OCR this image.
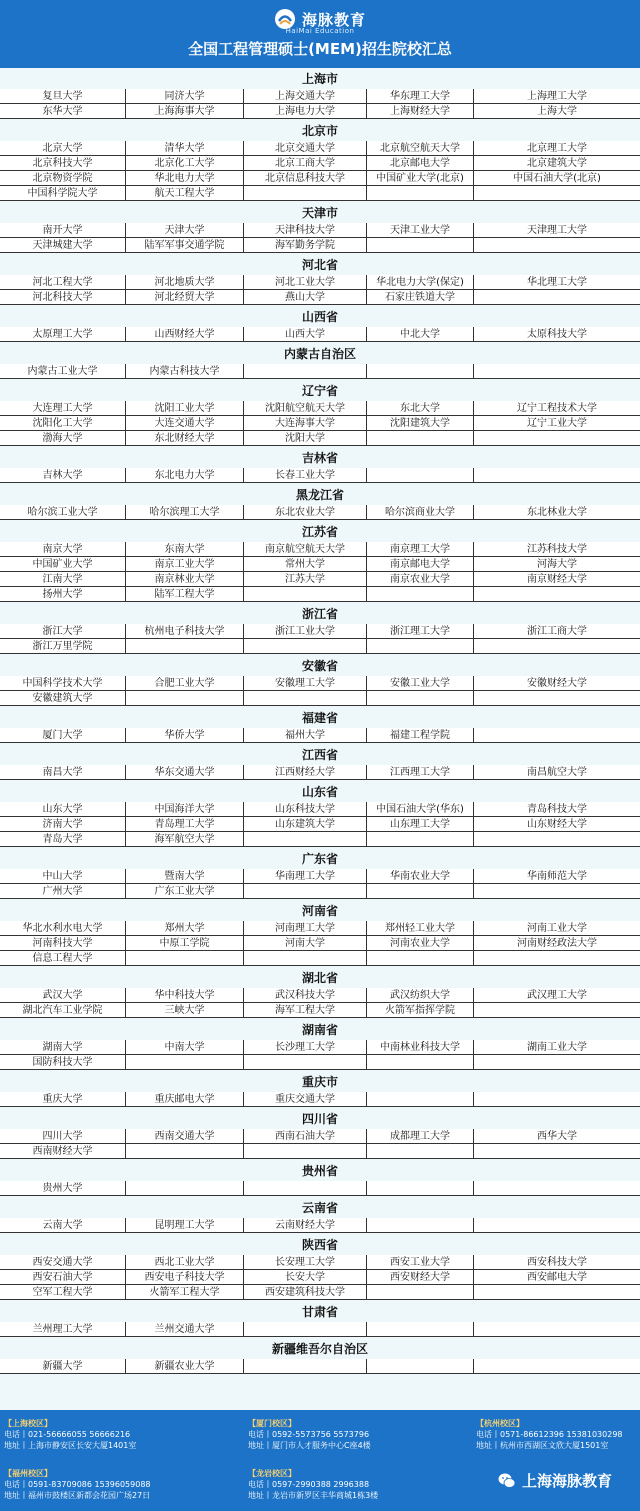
海脉教育
HaiMai Education
全国工程管理硕士(MEM)招生院校汇总
上海市
复旦大学	同济大学	上海交通大学	华东理工大学	上海理工大学
东华大学	上海海事大学	上海电力大学	上海财经大学	上海大学
北京市
北京大学	清华大学	北京交通大学	北京航空航天大学	北京理工大学
北京科技大学	北京化工大学	北京工商大学	北京邮电大学	北京建筑大学
北京物资学院	华北电力大学	北京信息科技大学	中国矿业大学(北京)	中国石油大学(北京)
中国科学院大学	航天工程大学
天津市
南开大学	天津大学	天津科技大学	天津工业大学	天津理工大学
天津城建大学	陆军军事交通学院	海军勤务学院
河北省
河北工程大学	河北地质大学	河北工业大学	华北电力大学(保定)	华北理工大学
河北科技大学	河北经贸大学	燕山大学	石家庄铁道大学
山西省
太原理工大学	山西财经大学	山西大学	中北大学	太原科技大学
内蒙古自治区
内蒙古工业大学	内蒙古科技大学
辽宁省
大连理工大学	沈阳工业大学	沈阳航空航天大学	东北大学	辽宁工程技术大学
沈阳化工大学	大连交通大学	大连海事大学	沈阳建筑大学	辽宁工业大学
渤海大学	东北财经大学	沈阳大学
吉林省
吉林大学	东北电力大学	长春工业大学
黑龙江省
哈尔滨工业大学	哈尔滨理工大学	东北农业大学	哈尔滨商业大学	东北林业大学
江苏省
南京大学	东南大学	南京航空航天大学	南京理工大学	江苏科技大学
中国矿业大学	南京工业大学	常州大学	南京邮电大学	河海大学
江南大学	南京林业大学	江苏大学	南京农业大学	南京财经大学
扬州大学	陆军工程大学
浙江省
浙江大学	杭州电子科技大学	浙江工业大学	浙江理工大学	浙江工商大学
浙江万里学院
安徽省
中国科学技术大学	合肥工业大学	安徽理工大学	安徽工业大学	安徽财经大学
安徽建筑大学
福建省
厦门大学	华侨大学	福州大学	福建工程学院
江西省
南昌大学	华东交通大学	江西财经大学	江西理工大学	南昌航空大学
山东省
山东大学	中国海洋大学	山东科技大学	中国石油大学(华东)	青岛科技大学
济南大学	青岛理工大学	山东建筑大学	山东理工大学	山东财经大学
青岛大学	海军航空大学
广东省
中山大学	暨南大学	华南理工大学	华南农业大学	华南师范大学
广州大学	广东工业大学
河南省
华北水利水电大学	郑州大学	河南理工大学	郑州轻工业大学	河南工业大学
河南科技大学	中原工学院	河南大学	河南农业大学	河南财经政法大学
信息工程大学
湖北省
武汉大学	华中科技大学	武汉科技大学	武汉纺织大学	武汉理工大学
湖北汽车工业学院	三峡大学	海军工程大学	火箭军指挥学院
湖南省
湖南大学	中南大学	长沙理工大学	中南林业科技大学	湖南工业大学
国防科技大学
重庆市
重庆大学	重庆邮电大学	重庆交通大学
四川省
四川大学	西南交通大学	西南石油大学	成都理工大学	西华大学
西南财经大学
贵州省
贵州大学
云南省
云南大学	昆明理工大学	云南财经大学
陕西省
西安交通大学	西北工业大学	长安理工大学	西安工业大学	西安科技大学
西安石油大学	西安电子科技大学	长安大学	西安财经大学	西安邮电大学
空军工程大学	火箭军工程大学	西安建筑科技大学
甘肃省
兰州理工大学	兰州交通大学
新疆维吾尔自治区
新疆大学	新疆农业大学
【上海校区】
电话丨021-56666055 56666216
地址丨上海市静安区长安大厦1401室
【厦门校区】
电话丨0592-5573756 5573796
地址丨厦门市人才服务中心C座4楼
【杭州校区】
电话丨0571-86612396 15381030298
地址丨杭州市西湖区文欣大厦1501室
【福州校区】
电话丨0591-83709086 15396059088
地址丨福州市鼓楼区新都会花园广场27日
【龙岩校区】
电话丨0597-2990388 2996388
地址丨龙岩市新罗区丰华商城1栋3楼
上海海脉教育
